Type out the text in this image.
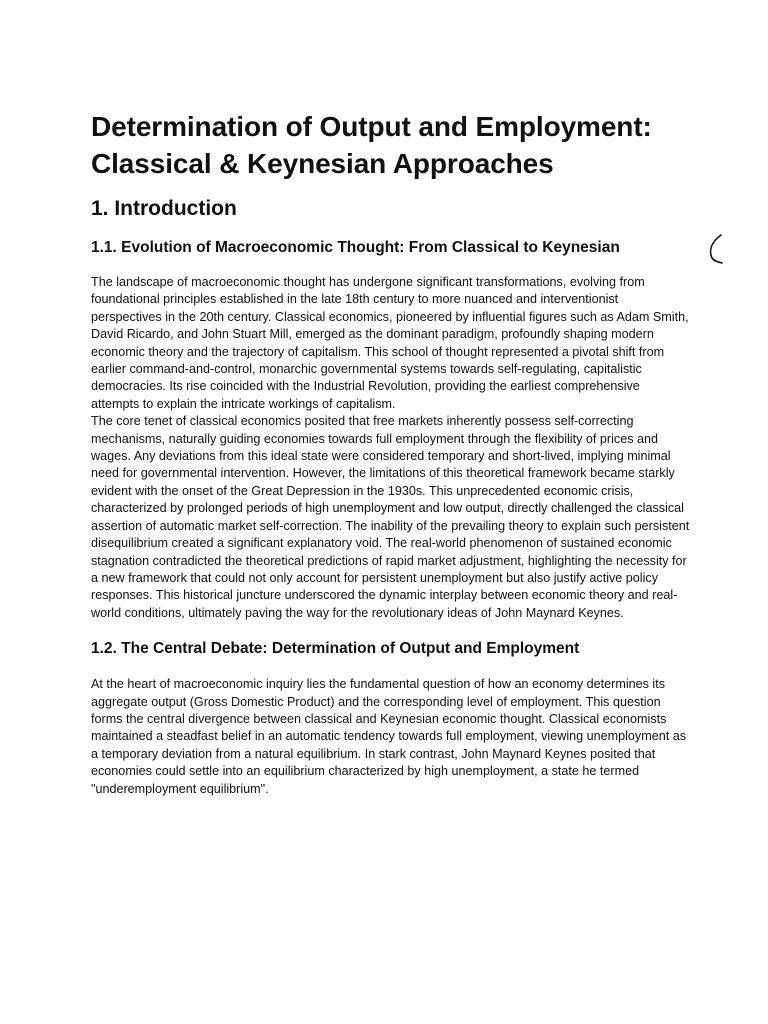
Determination of Output and Employment: Classical & Keynesian Approaches
1. Introduction
1.1. Evolution of Macroeconomic Thought: From Classical to Keynesian

The landscape of macroeconomic thought has undergone significant transformations, evolving from foundational principles established in the late 18th century to more nuanced and interventionist perspectives in the 20th century. Classical economics, pioneered by influential figures such as Adam Smith, David Ricardo, and John Stuart Mill, emerged as the dominant paradigm, profoundly shaping modern economic theory and the trajectory of capitalism. This school of thought represented a pivotal shift from earlier command-and-control, monarchic governmental systems towards self-regulating, capitalistic democracies. Its rise coincided with the Industrial Revolution, providing the earliest comprehensive attempts to explain the intricate workings of capitalism.

The core tenet of classical economics posited that free markets inherently possess self-correcting mechanisms, naturally guiding economies towards full employment through the flexibility of prices and wages. Any deviations from this ideal state were considered temporary and short-lived, implying minimal need for governmental intervention. However, the limitations of this theoretical framework became starkly evident with the onset of the Great Depression in the 1930s. This unprecedented economic crisis, characterized by prolonged periods of high unemployment and low output, directly challenged the classical assertion of automatic market self-correction. The inability of the prevailing theory to explain such persistent disequilibrium created a significant explanatory void. The real-world phenomenon of sustained economic stagnation contradicted the theoretical predictions of rapid market adjustment, highlighting the necessity for a new framework that could not only account for persistent unemployment but also justify active policy responses. This historical juncture underscored the dynamic interplay between economic theory and real-world conditions, ultimately paving the way for the revolutionary ideas of John Maynard Keynes.

1.2. The Central Debate: Determination of Output and Employment

At the heart of macroeconomic inquiry lies the fundamental question of how an economy determines its aggregate output (Gross Domestic Product) and the corresponding level of employment. This question forms the central divergence between classical and Keynesian economic thought. Classical economists maintained a steadfast belief in an automatic tendency towards full employment, viewing unemployment as a temporary deviation from a natural equilibrium. In stark contrast, John Maynard Keynes posited that economies could settle into an equilibrium characterized by high unemployment, a state he termed "underemployment equilibrium".
